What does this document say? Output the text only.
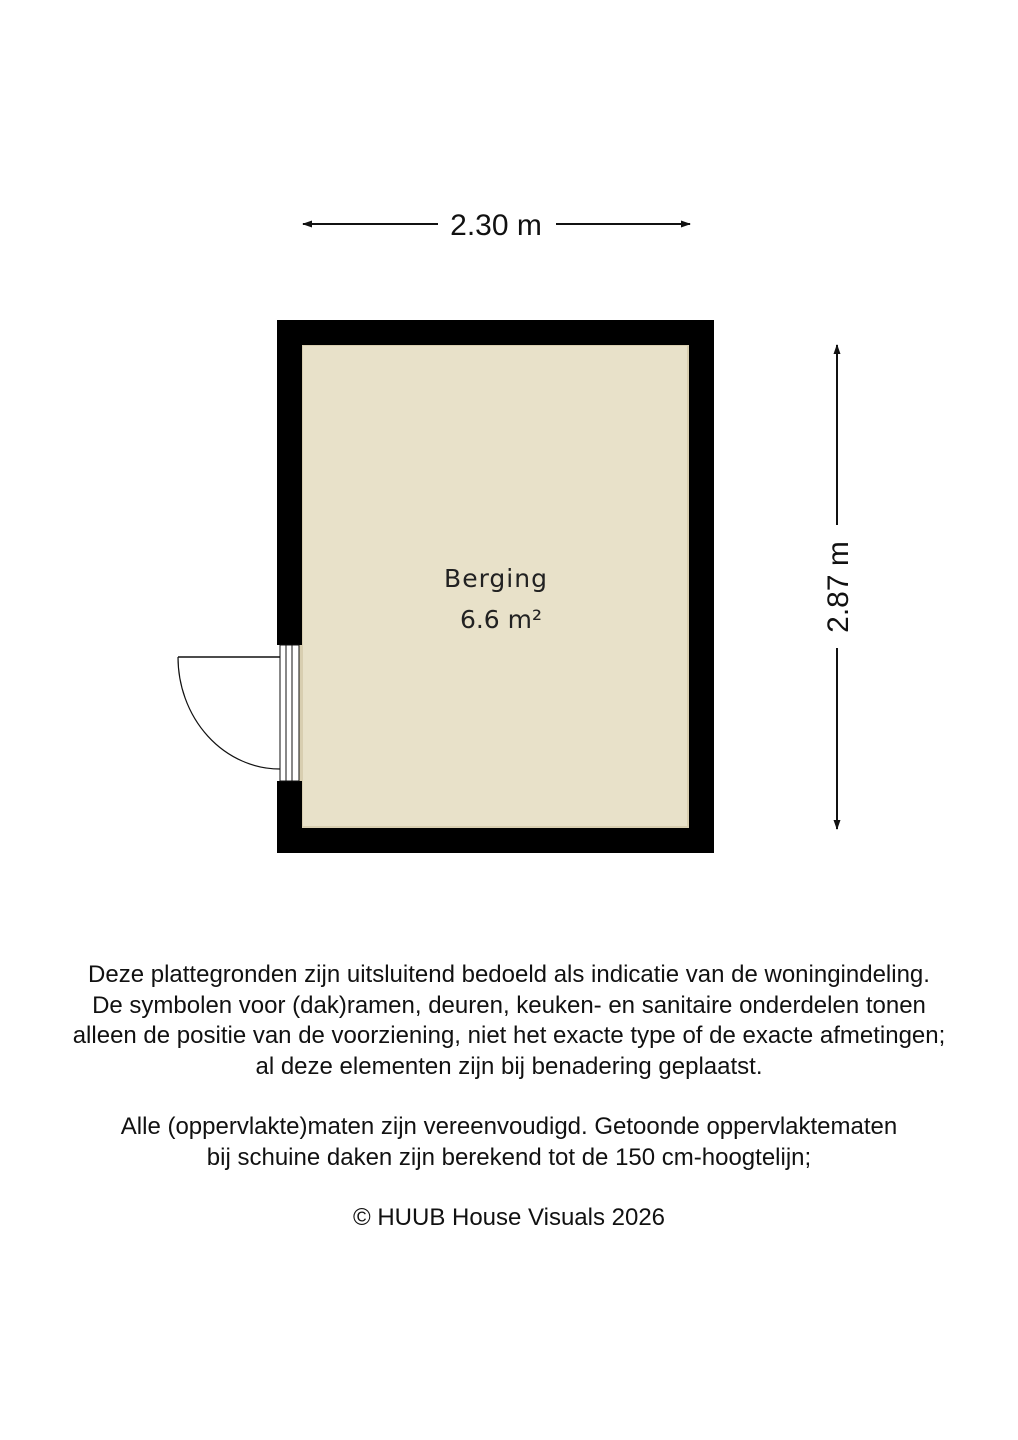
2.30 m
2.87 m
Berging
6.6 m²

Deze plattegronden zijn uitsluitend bedoeld als indicatie van de woningindeling.

De symbolen voor (dak)ramen, deuren, keuken- en sanitaire onderdelen tonen

alleen de positie van de voorziening, niet het exacte type of de exacte afmetingen;

al deze elementen zijn bij benadering geplaatst.

Alle (oppervlakte)maten zijn vereenvoudigd. Getoonde oppervlaktematen

bij schuine daken zijn berekend tot de 150 cm-hoogtelijn;

© HUUB House Visuals 2026
